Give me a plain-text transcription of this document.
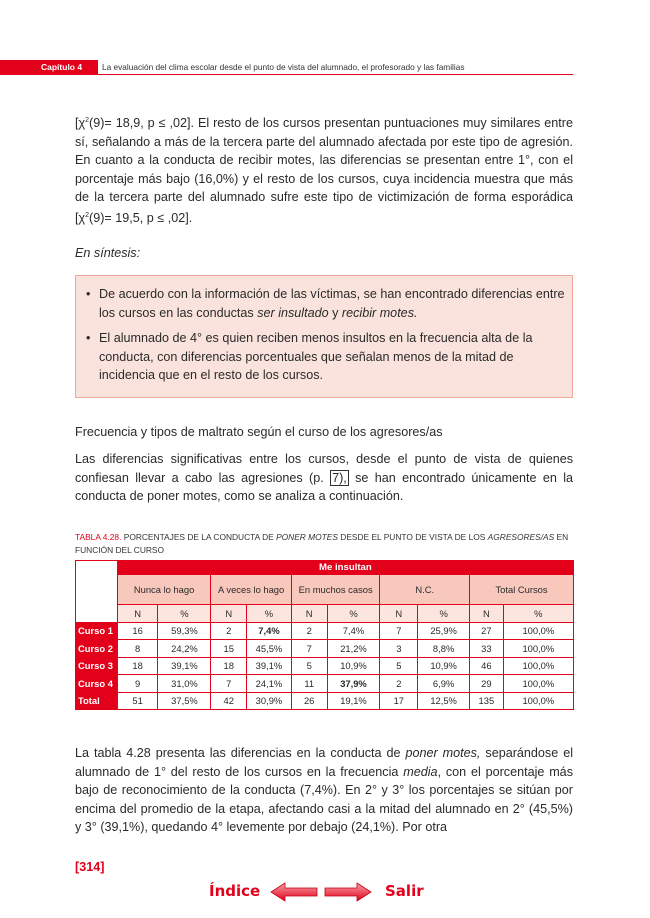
Capítulo 4	La evaluación del clima escolar desde el punto de vista del alumnado, el profesorado y las familias
[$\chi^2(9)= 18,9$, p ≤ ,02]. El resto de los cursos presentan puntuaciones muy similares entre sí, señalando a más de la tercera parte del alumnado afectada por este tipo de agresión. En cuanto a la conducta de recibir motes, las diferencias se presentan entre 1°, con el porcentaje más bajo (16,0%) y el resto de los cursos, cuya incidencia muestra que más de la tercera parte del alumnado sufre este tipo de victimización de forma esporádica [$\chi^2(9)= 19,5$, p ≤ ,02].
En síntesis:
• De acuerdo con la información de las víctimas, se han encontrado diferencias entre los cursos en las conductas ser insultado y recibir motes.
• El alumnado de 4° es quien reciben menos insultos en la frecuencia alta de la conducta, con diferencias porcentuales que señalan menos de la mitad de incidencia que en el resto de los cursos.
Frecuencia y tipos de maltrato según el curso de los agresores/as
Las diferencias significativas entre los cursos, desde el punto de vista de quienes confiesan llevar a cabo las agresiones (p. 7), se han encontrado únicamente en la conducta de poner motes, como se analiza a continuación.
TABLA 4.28. PORCENTAJES DE LA CONDUCTA DE PONER MOTES DESDE EL PUNTO DE VISTA DE LOS AGRESORES/AS EN FUNCIÓN DEL CURSO
	Me insultan									
	Nunca lo hago		A veces lo hago		En muchos casos		N.C.		Total Cursos	
	N	%	N	%	N	%	N	%	N	%
Curso 1	16	59,3%	2	7,4%	2	7,4%	7	25,9%	27	100,0%
Curso 2	8	24,2%	15	45,5%	7	21,2%	3	8,8%	33	100,0%
Curso 3	18	39,1%	18	39,1%	5	10,9%	5	10,9%	46	100,0%
Curso 4	9	31,0%	7	24,1%	11	37,9%	2	6,9%	29	100,0%
Total	51	37,5%	42	30,9%	26	19,1%	17	12,5%	135	100,0%
La tabla 4.28 presenta las diferencias en la conducta de poner motes, separándose el alumnado de 1° del resto de los cursos en la frecuencia media, con el porcentaje más bajo de reconocimiento de la conducta (7,4%). En 2° y 3° los porcentajes se sitúan por encima del promedio de la etapa, afectando casi a la mitad del alumnado en 2° (45,5%) y 3° (39,1%), quedando 4° levemente por debajo (24,1%). Por otra
[314]
Índice	Salir
